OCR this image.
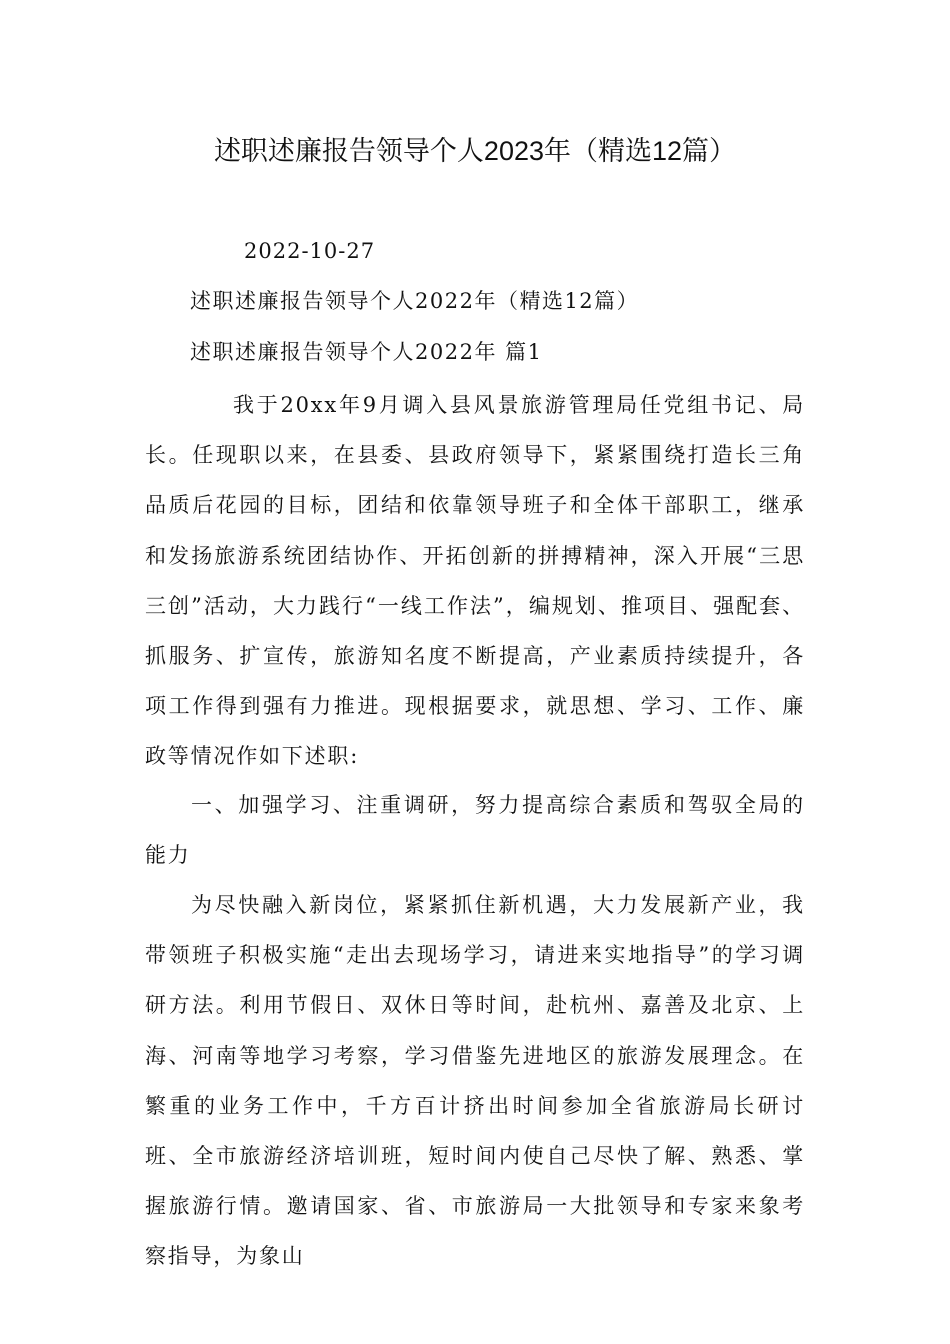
述职述廉报告领导个人2023年（精选12篇）
2022-10-27
述职述廉报告领导个人2022年（精选12篇）
述职述廉报告领导个人2022年 篇1

我于20xx年9月调入县风景旅游管理局任党组书记、局长。任现职以来，在县委、县政府领导下，紧紧围绕打造长三角品质后花园的目标，团结和依靠领导班子和全体干部职工，继承和发扬旅游系统团结协作、开拓创新的拼搏精神，深入开展“三思三创”活动，大力践行“一线工作法”，编规划、推项目、强配套、抓服务、扩宣传，旅游知名度不断提高，产业素质持续提升，各项工作得到强有力推进。现根据要求，就思想、学习、工作、廉政等情况作如下述职:

一、加强学习、注重调研，努力提高综合素质和驾驭全局的能力

为尽快融入新岗位，紧紧抓住新机遇，大力发展新产业，我带领班子积极实施“走出去现场学习，请进来实地指导”的学习调研方法。利用节假日、双休日等时间，赴杭州、嘉善及北京、上海、河南等地学习考察，学习借鉴先进地区的旅游发展理念。在繁重的业务工作中，千方百计挤出时间参加全省旅游局长研讨班、全市旅游经济培训班，短时间内使自己尽快了解、熟悉、掌握旅游行情。邀请国家、省、市旅游局一大批领导和专家来象考察指导，为象山
